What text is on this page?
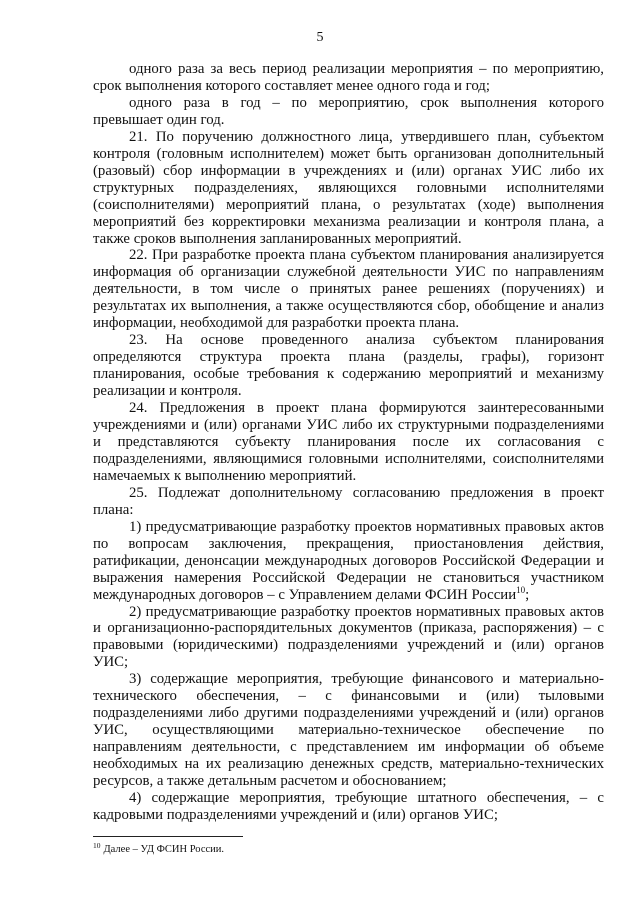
5

одного раза за весь период реализации мероприятия – по мероприятию, срок выполнения которого составляет менее одного года и год;

одного раза в год – по мероприятию, срок выполнения которого превышает один год.

21. По поручению должностного лица, утвердившего план, субъектом контроля (головным исполнителем) может быть организован дополнительный (разовый) сбор информации в учреждениях и (или) органах УИС либо их структурных подразделениях, являющихся головными исполнителями (соисполнителями) мероприятий плана, о результатах (ходе) выполнения мероприятий без корректировки механизма реализации и контроля плана, а также сроков выполнения запланированных мероприятий.

22. При разработке проекта плана субъектом планирования анализируется информация об организации служебной деятельности УИС по направлениям деятельности, в том числе о принятых ранее решениях (поручениях) и результатах их выполнения, а также осуществляются сбор, обобщение и анализ информации, необходимой для разработки проекта плана.

23. На основе проведенного анализа субъектом планирования определяются структура проекта плана (разделы, графы), горизонт планирования, особые требования к содержанию мероприятий и механизму реализации и контроля.

24. Предложения в проект плана формируются заинтересованными учреждениями и (или) органами УИС либо их структурными подразделениями и представляются субъекту планирования после их согласования с подразделениями, являющимися головными исполнителями, соисполнителями намечаемых к выполнению мероприятий.

25. Подлежат дополнительному согласованию предложения в проект плана:

1) предусматривающие разработку проектов нормативных правовых актов по вопросам заключения, прекращения, приостановления действия, ратификации, денонсации международных договоров Российской Федерации и выражения намерения Российской Федерации не становиться участником международных договоров – с Управлением делами ФСИН России$^{10}$;

2) предусматривающие разработку проектов нормативных правовых актов и организационно-распорядительных документов (приказа, распоряжения) – с правовыми (юридическими) подразделениями учреждений и (или) органов УИС;

3) содержащие мероприятия, требующие финансового и материально-технического обеспечения, – с финансовыми и (или) тыловыми подразделениями либо другими подразделениями учреждений и (или) органов УИС, осуществляющими материально-техническое обеспечение по направлениям деятельности, с представлением им информации об объеме необходимых на их реализацию денежных средств, материально-технических ресурсов, а также детальным расчетом и обоснованием;

4) содержащие мероприятия, требующие штатного обеспечения, – с кадровыми подразделениями учреждений и (или) органов УИС;

$^{10}$ Далее – УД ФСИН России.
